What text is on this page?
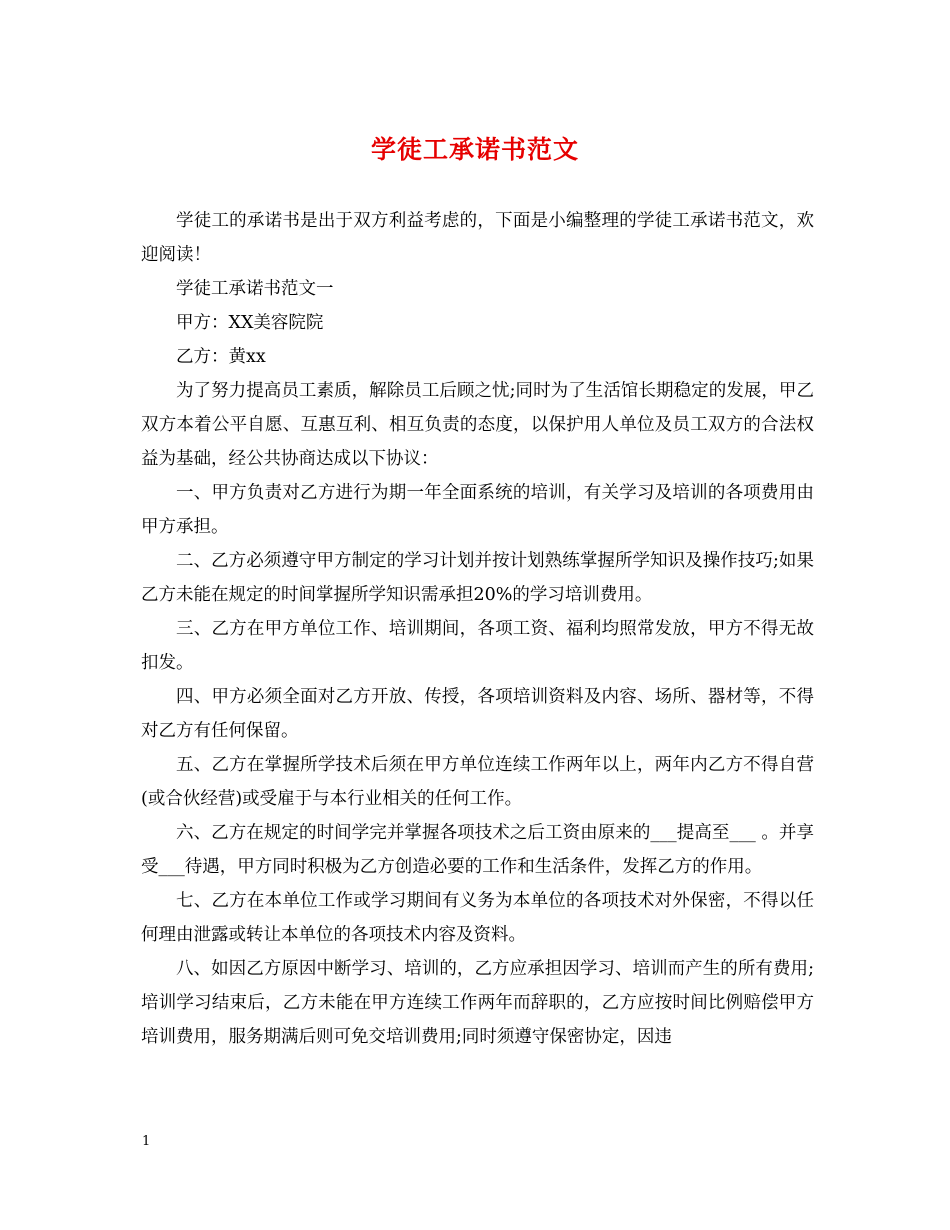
学徒工承诺书范文

学徒工的承诺书是出于双方利益考虑的，下面是小编整理的学徒工承诺书范文，欢迎阅读！

学徒工承诺书范文一

甲方：XX美容院院

乙方：黄xx

为了努力提高员工素质，解除员工后顾之忧;同时为了生活馆长期稳定的发展，甲乙双方本着公平自愿、互惠互利、相互负责的态度，以保护用人单位及员工双方的合法权益为基础，经公共协商达成以下协议：

一、甲方负责对乙方进行为期一年全面系统的培训，有关学习及培训的各项费用由甲方承担。

二、乙方必须遵守甲方制定的学习计划并按计划熟练掌握所学知识及操作技巧;如果乙方未能在规定的时间掌握所学知识需承担20%的学习培训费用。

三、乙方在甲方单位工作、培训期间，各项工资、福利均照常发放，甲方不得无故扣发。

四、甲方必须全面对乙方开放、传授，各项培训资料及内容、场所、器材等，不得对乙方有任何保留。

五、乙方在掌握所学技术后须在甲方单位连续工作两年以上，两年内乙方不得自营(或合伙经营)或受雇于与本行业相关的任何工作。

六、乙方在规定的时间学完并掌握各项技术之后工资由原来的___提高至___ 。并享受___待遇，甲方同时积极为乙方创造必要的工作和生活条件，发挥乙方的作用。

七、乙方在本单位工作或学习期间有义务为本单位的各项技术对外保密，不得以任何理由泄露或转让本单位的各项技术内容及资料。

八、如因乙方原因中断学习、培训的，乙方应承担因学习、培训而产生的所有费用;培训学习结束后，乙方未能在甲方连续工作两年而辞职的，乙方应按时间比例赔偿甲方培训费用，服务期满后则可免交培训费用;同时须遵守保密协定，因违

1
